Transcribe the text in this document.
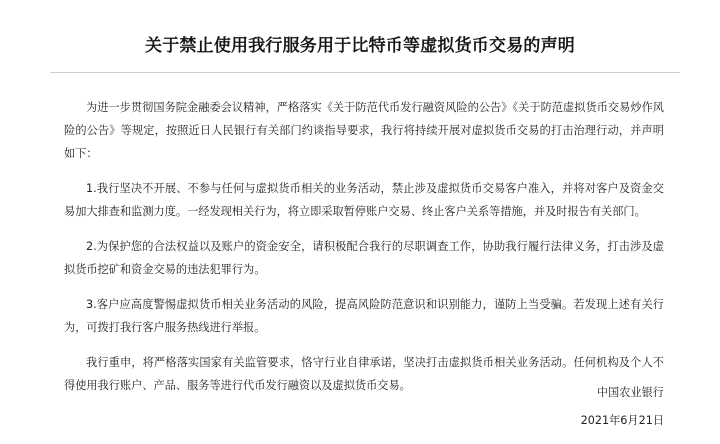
关于禁止使用我行服务用于比特币等虚拟货币交易的声明

为进一步贯彻国务院金融委会议精神，严格落实《关于防范代币发行融资风险的公告》《关于防范虚拟货币交易炒作风险的公告》等规定，按照近日人民银行有关部门约谈指导要求，我行将持续开展对虚拟货币交易的打击治理行动，并声明如下：

1.我行坚决不开展、不参与任何与虚拟货币相关的业务活动，禁止涉及虚拟货币交易客户准入，并将对客户及资金交易加大排查和监测力度。一经发现相关行为，将立即采取暂停账户交易、终止客户关系等措施，并及时报告有关部门。

2.为保护您的合法权益以及账户的资金安全，请积极配合我行的尽职调查工作，协助我行履行法律义务，打击涉及虚拟货币挖矿和资金交易的违法犯罪行为。

3.客户应高度警惕虚拟货币相关业务活动的风险，提高风险防范意识和识别能力，谨防上当受骗。若发现上述有关行为，可拨打我行客户服务热线进行举报。

我行重申，将严格落实国家有关监管要求，恪守行业自律承诺，坚决打击虚拟货币相关业务活动。任何机构及个人不得使用我行账户、产品、服务等进行代币发行融资以及虚拟货币交易。

中国农业银行
2021年6月21日
